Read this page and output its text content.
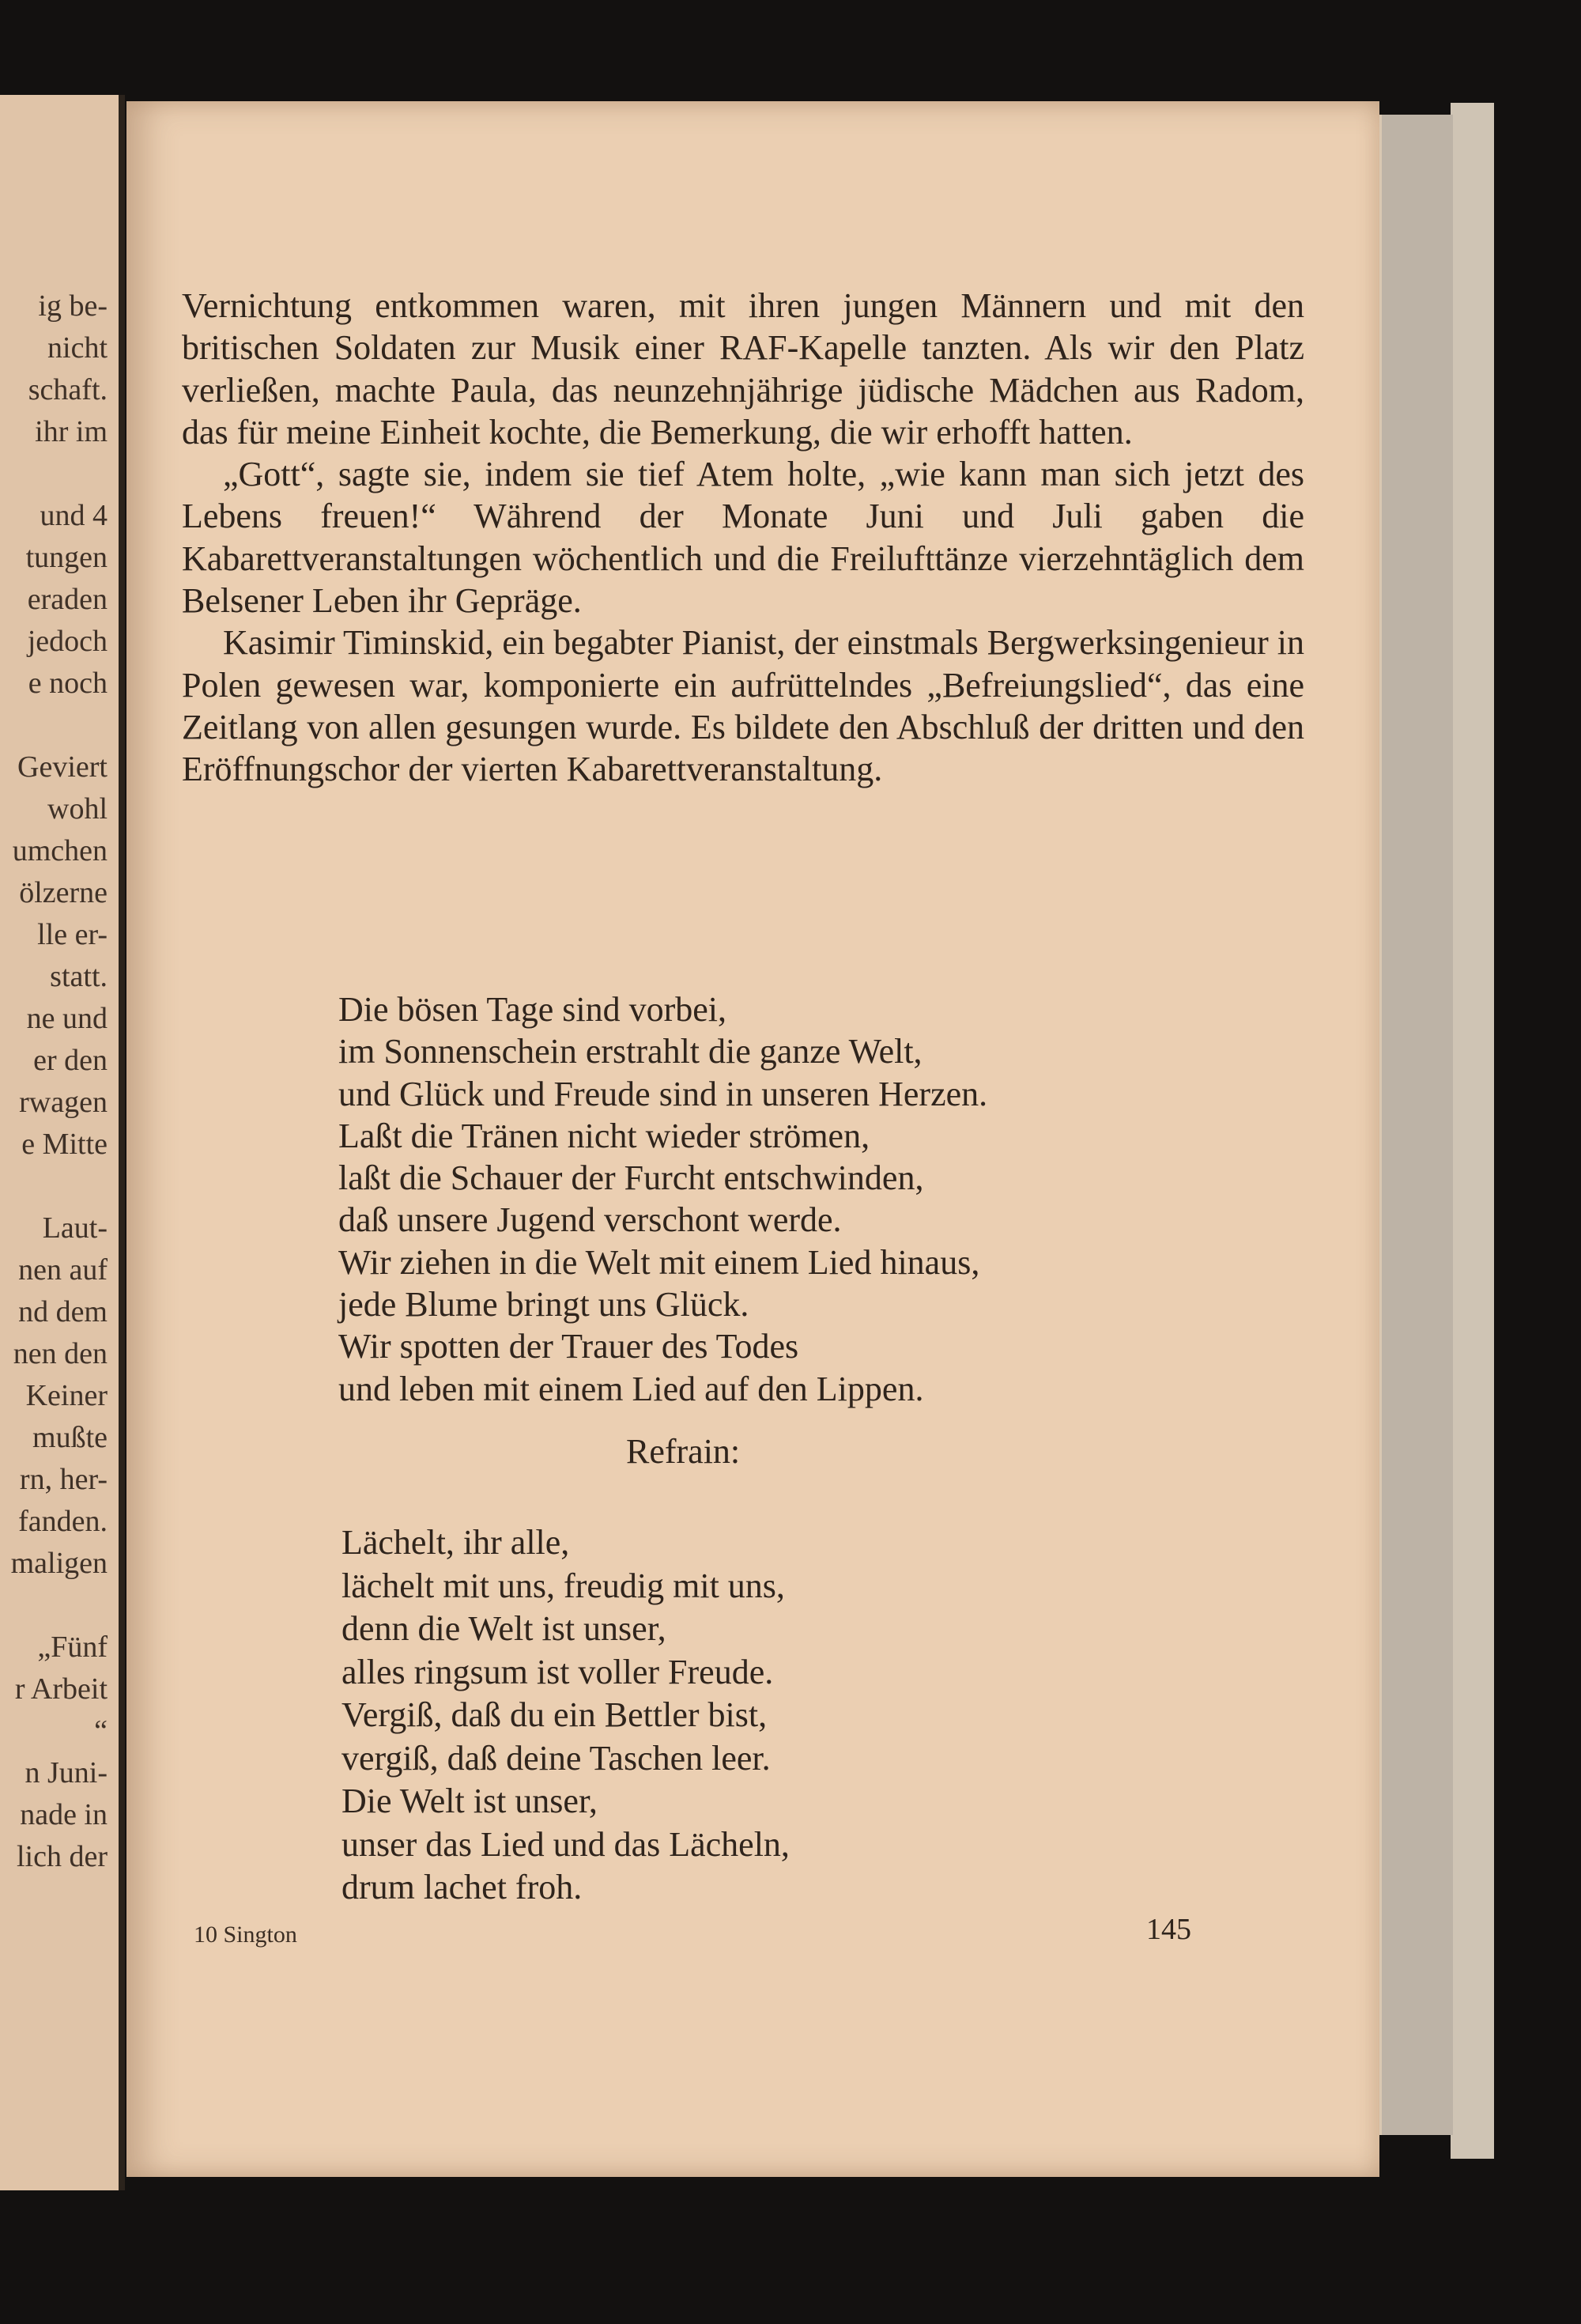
ig be-
nicht
schaft.
ihr im
und 4
tungen
eraden
jedoch
e noch
Geviert
wohl
umchen
ölzerne
lle er-
statt.
ne und
er den
rwagen
e Mitte
Laut-
nen auf
nd dem
nen den
Keiner
mußte
rn, her-
fanden.
maligen
„Fünf
r Arbeit
“
n Juni-
nade in
lich der

Vernichtung entkommen waren, mit ihren jungen Männern und mit den britischen Soldaten zur Musik einer RAF-Kapelle tanzten. Als wir den Platz verließen, machte Paula, das neunzehnjährige jüdische Mädchen aus Radom, das für meine Einheit kochte, die Bemerkung, die wir erhofft hatten.

„Gott“, sagte sie, indem sie tief Atem holte, „wie kann man sich jetzt des Lebens freuen!“ Während der Monate Juni und Juli gaben die Kabarettveranstaltungen wöchentlich und die Freilufttänze vierzehntäglich dem Belsener Leben ihr Gepräge.

Kasimir Timinskid, ein begabter Pianist, der einstmals Bergwerksingenieur in Polen gewesen war, komponierte ein aufrüttelndes „Befreiungslied“, das eine Zeitlang von allen gesungen wurde. Es bildete den Abschluß der dritten und den Eröffnungschor der vierten Kabarettveranstaltung.

Die bösen Tage sind vorbei,
im Sonnenschein erstrahlt die ganze Welt,
und Glück und Freude sind in unseren Herzen.
Laßt die Tränen nicht wieder strömen,
laßt die Schauer der Furcht entschwinden,
daß unsere Jugend verschont werde.
Wir ziehen in die Welt mit einem Lied hinaus,
jede Blume bringt uns Glück.
Wir spotten der Trauer des Todes
und leben mit einem Lied auf den Lippen.
Refrain:
Lächelt, ihr alle,
lächelt mit uns, freudig mit uns,
denn die Welt ist unser,
alles ringsum ist voller Freude.
Vergiß, daß du ein Bettler bist,
vergiß, daß deine Taschen leer.
Die Welt ist unser,
unser das Lied und das Lächeln,
drum lachet froh.
10 Sington	145
